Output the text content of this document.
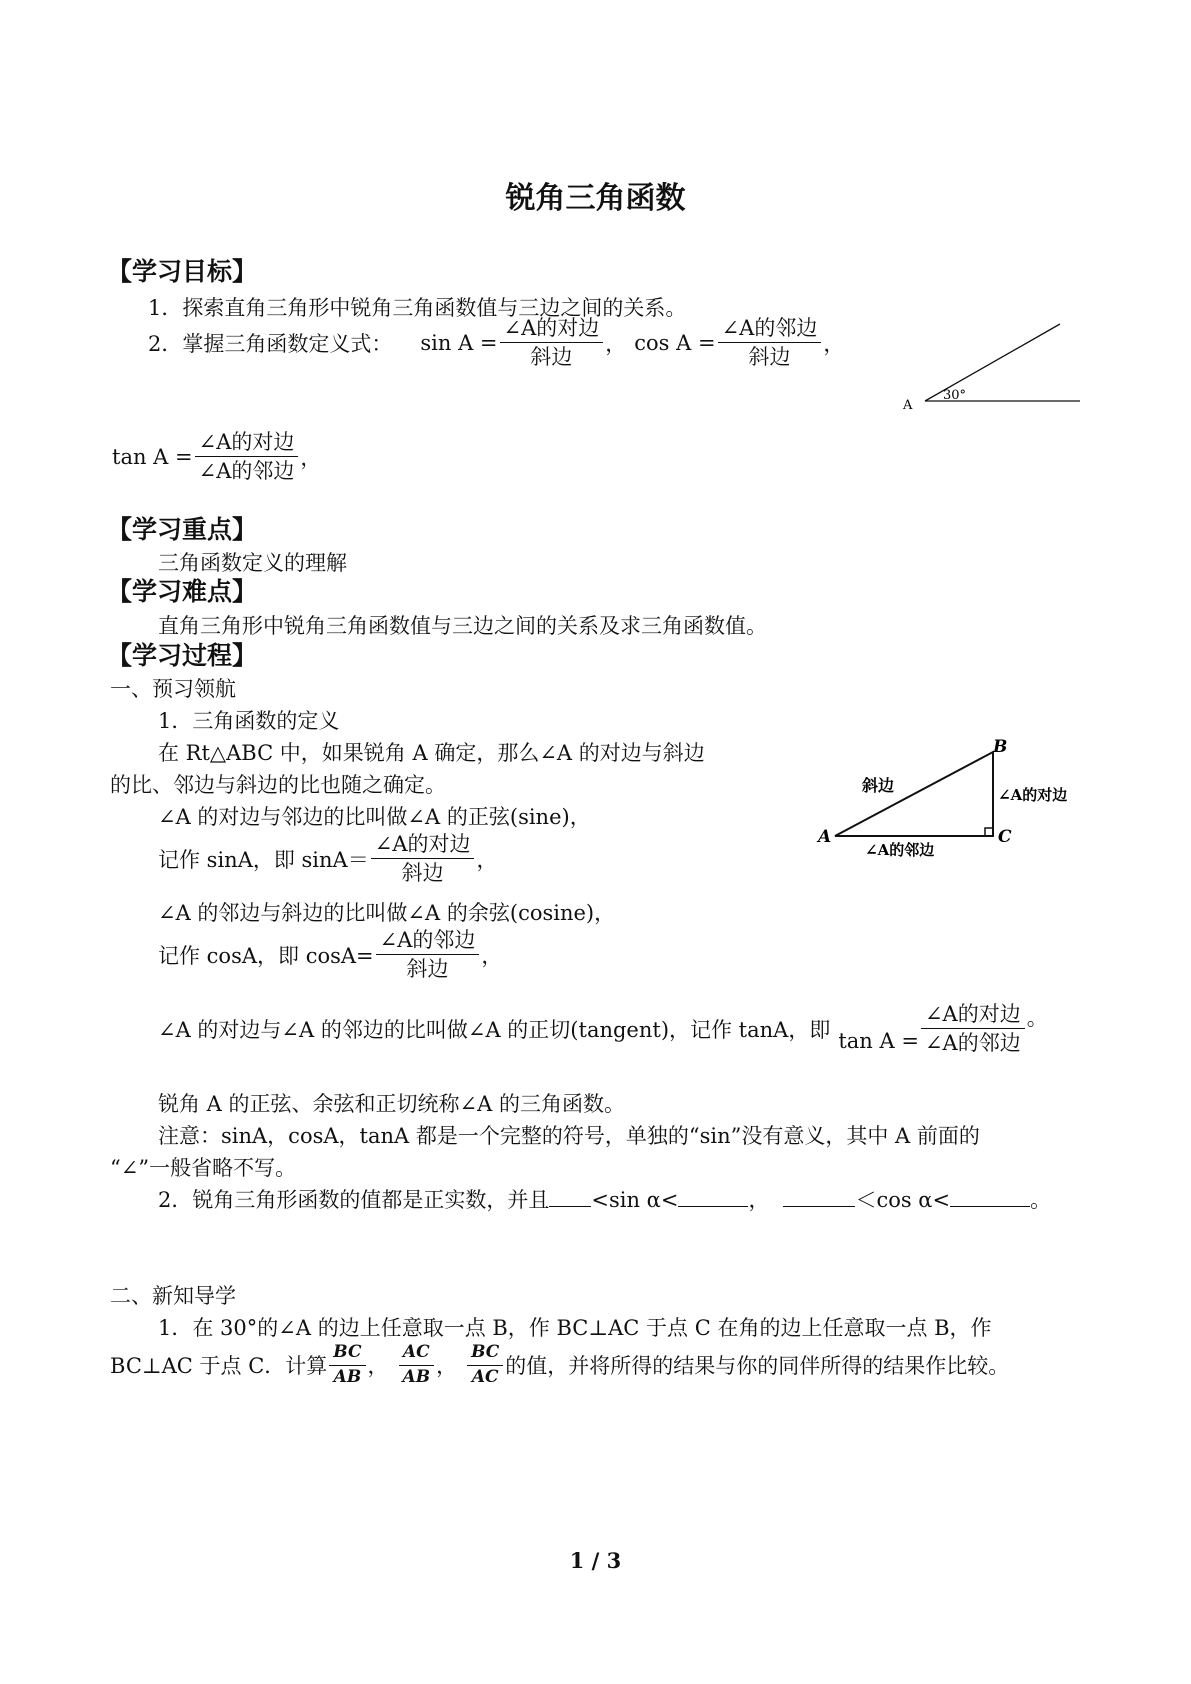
锐角三角函数
【学习目标】
1．探索直角三角形中锐角三角函数值与三边之间的关系。
2．掌握三角函数定义式： $\sin A = \frac{\text{∠A的对边}}{\text{斜边}}$ ， $\cos A = \frac{\text{∠A的邻边}}{\text{斜边}}$ ，
A
30°
$\tan A = \frac{\text{∠A的对边}}{\text{∠A的邻边}}$ ，
【学习重点】
三角函数定义的理解
【学习难点】
直角三角形中锐角三角函数值与三边之间的关系及求三角函数值。
【学习过程】
一、预习领航
1．三角函数的定义
在 Rt△ABC 中，如果锐角 A 确定，那么∠A 的对边与斜边
的比、邻边与斜边的比也随之确定。
∠A 的对边与邻边的比叫做∠A 的正弦(sine)，
记作 sinA，即 $\sin A= \frac{\text{∠A的对边}}{\text{斜边}}$ ，
∠A 的邻边与斜边的比叫做∠A 的余弦(cosine)，
记作 cosA，即 $\cos A= \frac{\text{∠A的邻边}}{\text{斜边}}$ ，
∠A 的对边与∠A 的邻边的比叫做∠A 的正切(tangent)，记作 tanA，即 $\tan A = \frac{\text{∠A的对边}}{\text{∠A的邻边}}$ 。
锐角 A 的正弦、余弦和正切统称∠A 的三角函数。
注意：sinA，cosA，tanA 都是一个完整的符号，单独的“sin”没有意义，其中 A 前面的
“∠”一般省略不写。
2．锐角三角形函数的值都是正实数，并且 <sin α<	，	＜cos α<	。
A
B
C
斜边	∠A的对边
∠A的邻边
二、新知导学
1．在 30°的∠A 的边上任意取一点 B，作 BC⊥AC 于点 C 在角的边上任意取一点 B，作
BC⊥AC 于点 C．计算 $\frac{BC}{AB}$ ， $\frac{AC}{AB}$ ， $\frac{BC}{AC}$ 的值，并将所得的结果与你的同伴所得的结果作比较。
1 / 3
